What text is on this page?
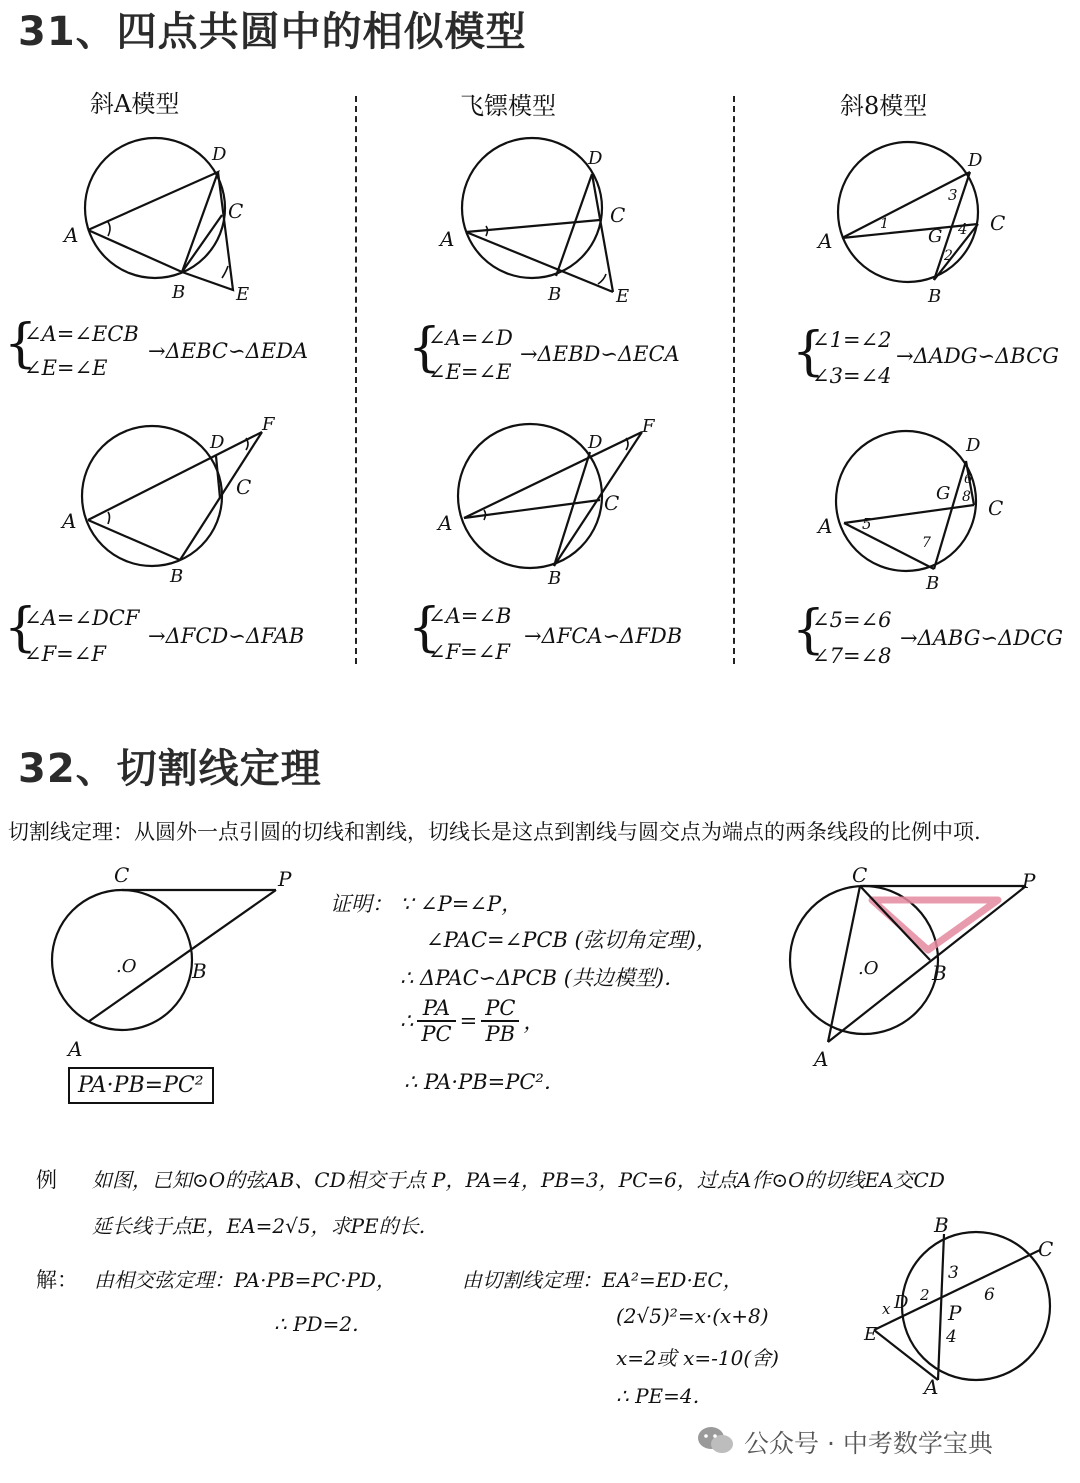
31、四点共圆中的相似模型
斜A模型	飞镖模型	斜8模型
A
D
C
B	E
A
D
C
B	E
A
D
C
B
G
1
3
4
2
{
∠A=∠ECB
∠E=∠E
→ΔEBC∽ΔEDA {
∠A=∠D
∠E=∠E
→ΔEBD∽ΔECA {
∠1=∠2
∠3=∠4
→ΔADG∽ΔBCG
A
D
C
B
F
A
D
C
B
F
A
D
C
B
G
5
6
8
7
{
∠A=∠DCF
∠F=∠F
→ΔFCD∽ΔFAB {
∠A=∠B
∠F=∠F
→ΔFCA∽ΔFDB {
∠5=∠6
∠7=∠8
→ΔABG∽ΔDCG
32、切割线定理
切割线定理：从圆外一点引圆的切线和割线，切线长是这点到割线与圆交点为端点的两条线段的比例中项.
C	P
.O	B
A
PA·PB=PC²
证明： ∵ ∠P=∠P，
∠PAC=∠PCB (弦切角定理)，
∴ ΔPAC∽ΔPCB (共边模型)．
∴ $\frac{PA}{PC} = \frac{PC}{PB}$ ，
∴ PA·PB=PC²．
C	P
.O	B
A
例 如图，已知⊙O的弦AB、CD相交于点 P，PA=4，PB=3，PC=6，过点A作⊙O的切线EA交CD
延长线于点E，EA=2√5，求PE的长．
解： 由相交弦定理：PA·PB=PC·PD，
∴ PD=2．
由切割线定理：EA²=ED·EC，
(2√5)²=x·(x+8)
x=2或 x=-10(舍)
∴ PE=4．
B
C
D
x
E
P
A
3
2	6
4
公众号 · 中考数学宝典
